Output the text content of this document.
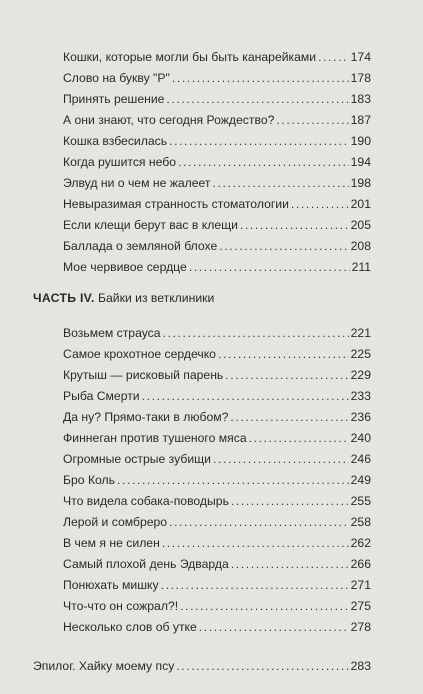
Кошки, которые могли бы быть канарейками .....	174
Слово на букву "Р" .....	178
Принять решение .....	183
А они знают, что сегодня Рождество? .....	187
Кошка взбесилась .....	190
Когда рушится небо .....	194
Элвуд ни о чем не жалеет .....	198
Невыразимая странность стоматологии .....	201
Если клещи берут вас в клещи .....	205
Баллада о земляной блохе .....	208
Мое червивое сердце .....	211
ЧАСТЬ IV. Байки из ветклиники
Возьмем страуса .....	221
Самое крохотное сердечко .....	225
Крутыш — рисковый парень .....	229
Рыба Смерти .....	233
Да ну? Прямо-таки в любом? .....	236
Финнеган против тушеного мяса .....	240
Огромные острые зубищи .....	246
Бро Коль .....	249
Что видела собака-поводырь .....	255
Лерой и сомбреро .....	258
В чем я не силен .....	262
Самый плохой день Эдварда .....	266
Понюхать мишку .....	271
Что-что он сожрал?! .....	275
Несколько слов об утке .....	278
Эпилог. Хайку моему псу .....	283
